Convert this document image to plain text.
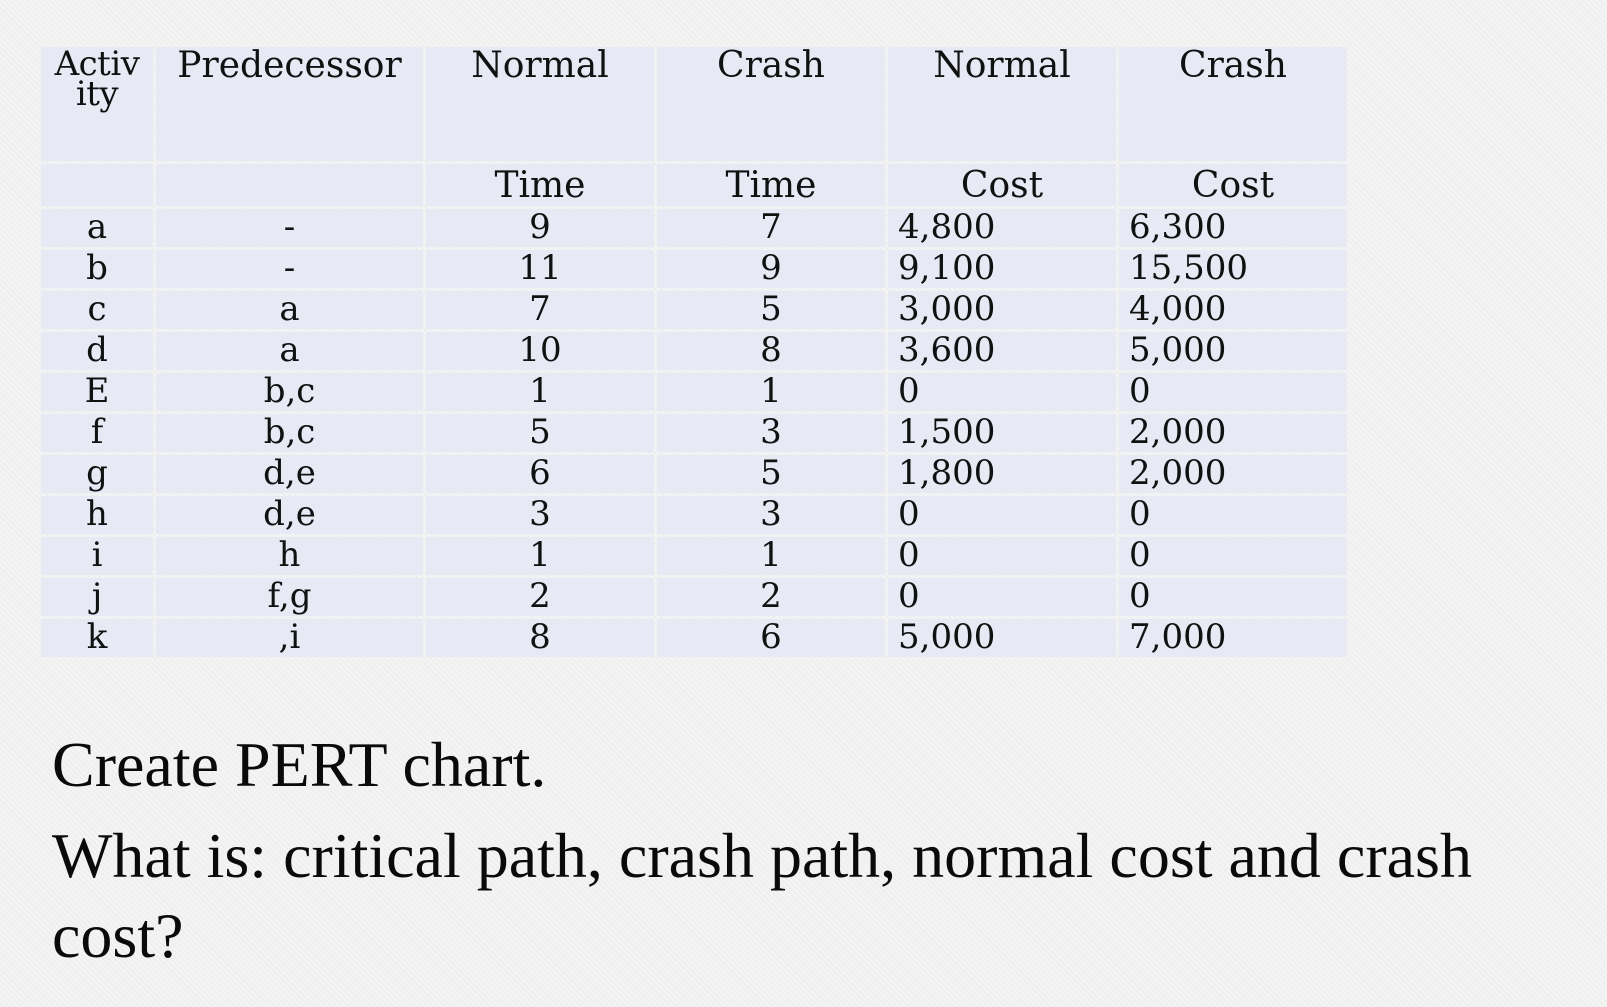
Activ ity	Predecessor	Normal	Crash	Normal	Crash

		Time	Time	Cost	Cost

a	-	9	7	4,800	6,300

b	-	11	9	9,100	15,500

c	a	7	5	3,000	4,000

d	a	10	8	3,600	5,000

E	b,c	1	1	0	0

f	b,c	5	3	1,500	2,000

g	d,e	6	5	1,800	2,000

h	d,e	3	3	0	0

i	h	1	1	0	0

j	f,g	2	2	0	0

k	,i	8	6	5,000	7,000
Create PERT chart.
What is: critical path, crash path, normal cost and crash cost?
